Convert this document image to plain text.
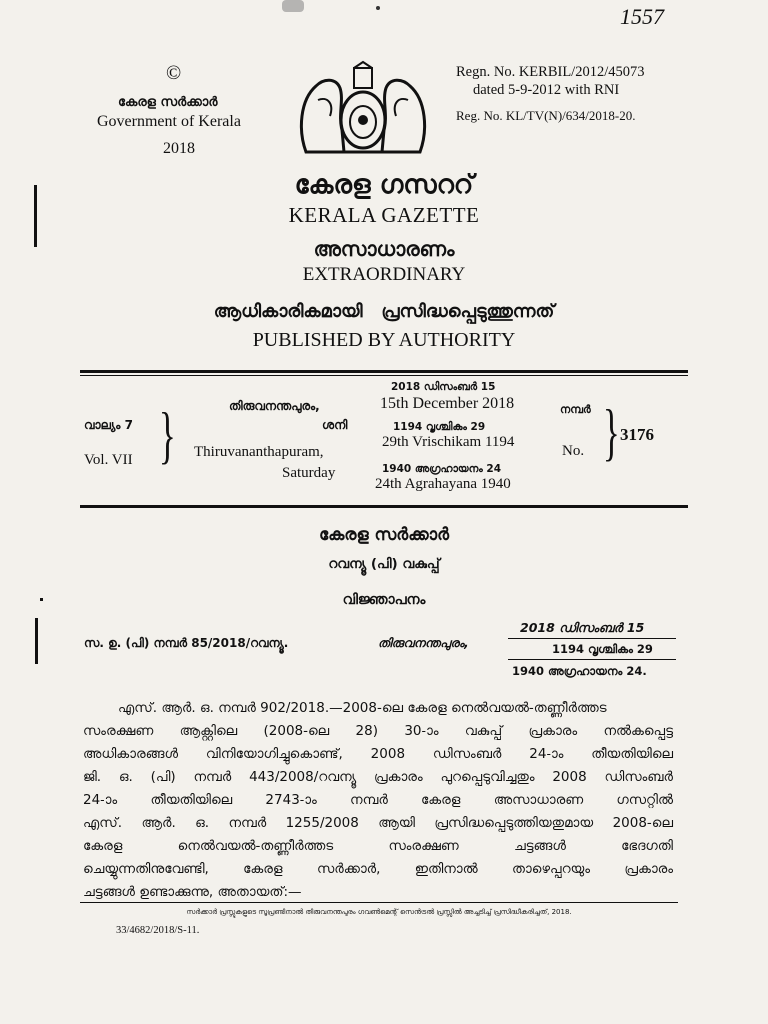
1557
©
കേരള സർക്കാർ
Government of Kerala
2018
Regn. No. KERBIL/2012/45073
dated 5-9-2012 with RNI
Reg. No. KL/TV(N)/634/2018-20.
കേരള ഗസററ്
KERALA GAZETTE
അസാധാരണം
EXTRAORDINARY
ആധികാരികമായി   പ്രസിദ്ധപ്പെടുത്തുന്നത്
PUBLISHED BY AUTHORITY
വാല്യം 7
Vol. VII }	തിരുവനന്തപുരം,
ശനി
Thiruvananthapuram,
Saturday
2018 ഡിസംബർ 15
15th December 2018
1194 വൃശ്ചികം 29
29th Vrischikam 1194
1940 അഗ്രഹായനം 24
24th Agrahayana 1940
നമ്പർ
No. } 3176
കേരള സർക്കാർ
റവന്യൂ (പി) വകുപ്പ്
വിജ്ഞാപനം
സ. ഉ. (പി) നമ്പർ 85/2018/റവന്യൂ.	തിരുവനന്തപുരം,
2018 ഡിസംബർ 15
1194 വൃശ്ചികം 29
1940 അഗ്രഹായനം 24.
എസ്. ആർ. ഒ. നമ്പർ 902/2018.—2008-ലെ കേരള നെൽവയൽ-തണ്ണീർത്തട
സംരക്ഷണ ആക്റ്റിലെ (2008-ലെ 28) 30-ാം വകുപ്പ് പ്രകാരം നൽകപ്പെട്ട
അധികാരങ്ങൾ വിനിയോഗിച്ചുകൊണ്ട്, 2008 ഡിസംബർ 24-ാം തീയതിയിലെ
ജി. ഒ. (പി) നമ്പർ 443/2008/റവന്യൂ പ്രകാരം പുറപ്പെടുവിച്ചതും 2008 ഡിസംബർ
24-ാം തീയതിയിലെ 2743-ാം നമ്പർ കേരള അസാധാരണ ഗസറ്റിൽ
എസ്. ആർ. ഒ. നമ്പർ 1255/2008 ആയി പ്രസിദ്ധപ്പെടുത്തിയതുമായ 2008-ലെ
കേരള നെൽവയൽ-തണ്ണീർത്തട സംരക്ഷണ ചട്ടങ്ങൾ ഭേദഗതി
ചെയ്യുന്നതിനുവേണ്ടി, കേരള സർക്കാർ, ഇതിനാൽ താഴെപ്പറയും പ്രകാരം
ചട്ടങ്ങൾ ഉണ്ടാക്കുന്നു, അതായത്:—
സർക്കാർ പ്രസ്സുകളുടെ സൂപ്രണ്ടിനാൽ തിരുവനന്തപുരം ഗവൺമെന്റ് സെൻട്രൽ പ്രസ്സിൽ അച്ചടിച്ച് പ്രസിദ്ധീകരിച്ചത്, 2018.
33/4682/2018/S-11.
